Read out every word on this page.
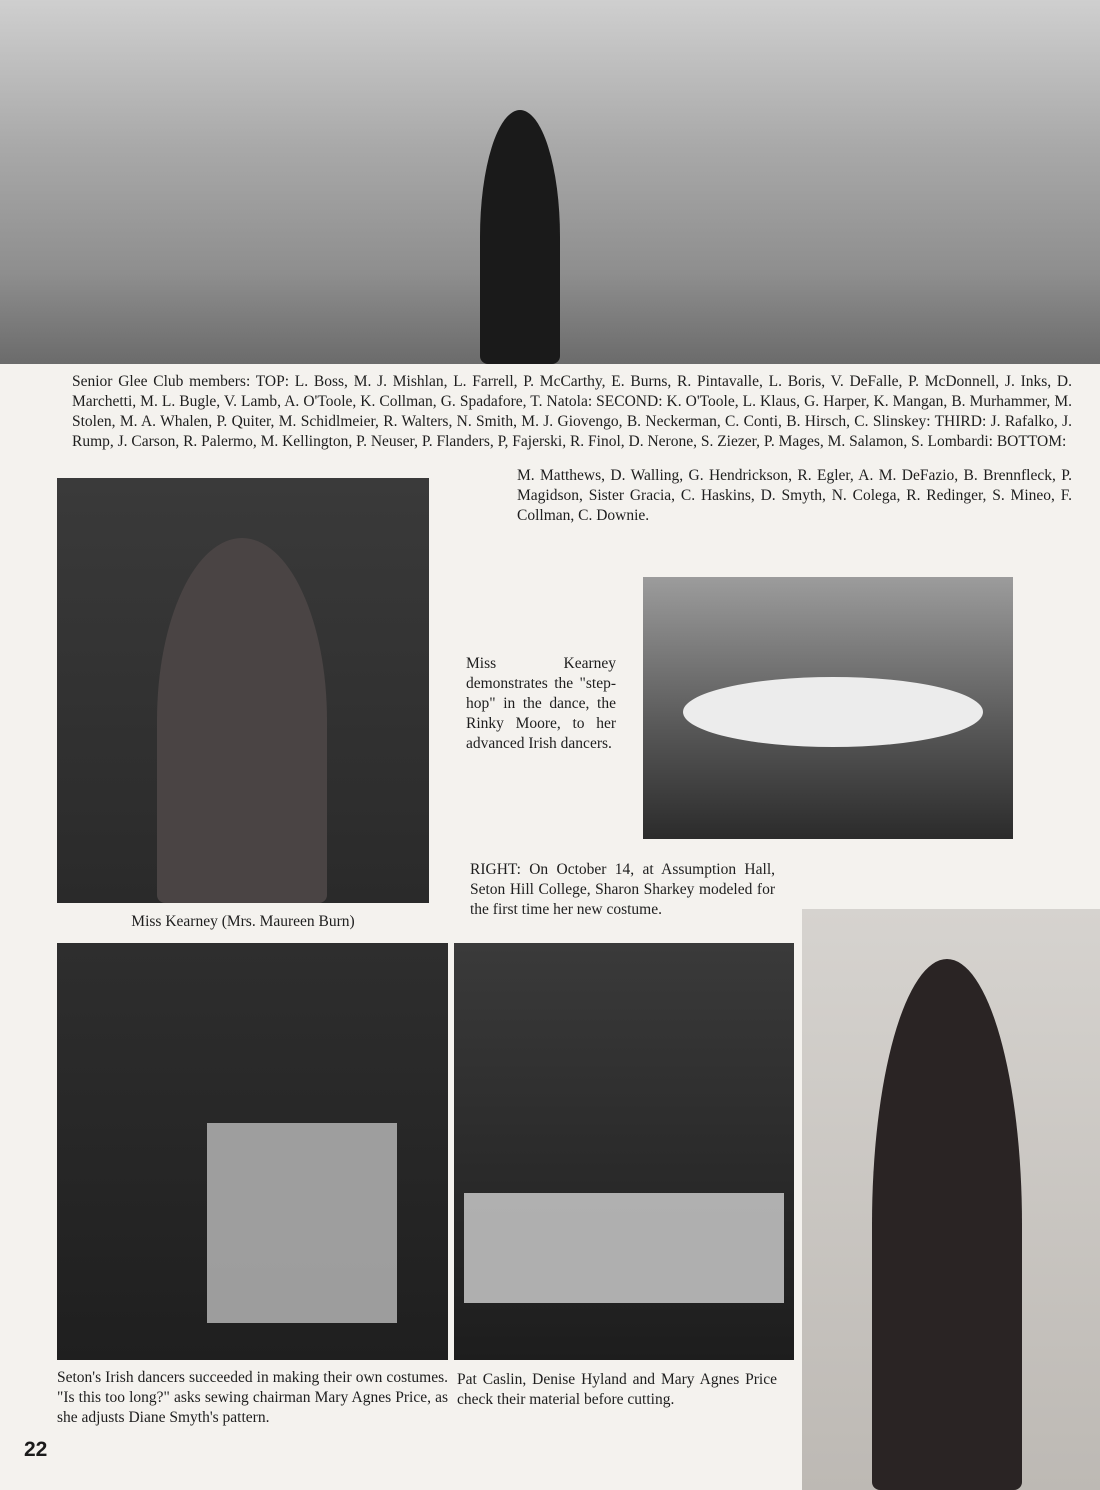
Senior Glee Club members: TOP: L. Boss, M. J. Mishlan, L. Farrell, P. McCarthy, E. Burns, R. Pintavalle, L. Boris, V. DeFalle, P. McDonnell, J. Inks, D. Marchetti, M. L. Bugle, V. Lamb, A. O'Toole, K. Collman, G. Spadafore, T. Natola: SECOND: K. O'Toole, L. Klaus, G. Harper, K. Mangan, B. Murhammer, M. Stolen, M. A. Whalen, P. Quiter, M. Schidlmeier, R. Walters, N. Smith, M. J. Giovengo, B. Neckerman, C. Conti, B. Hirsch, C. Slinskey: THIRD: J. Rafalko, J. Rump, J. Carson, R. Palermo, M. Kellington, P. Neuser, P. Flanders, P, Fajerski, R. Finol, D. Nerone, S. Ziezer, P. Mages, M. Salamon, S. Lombardi: BOTTOM:

M. Matthews, D. Walling, G. Hendrickson, R. Egler, A. M. DeFazio, B. Brennfleck, P. Magidson, Sister Gracia, C. Haskins, D. Smyth, N. Colega, R. Redinger, S. Mineo, F. Collman, C. Downie.

Miss Kearney demonstrates the "step-hop" in the dance, the Rinky Moore, to her advanced Irish dancers.

Miss Kearney (Mrs. Maureen Burn)

RIGHT: On October 14, at Assumption Hall, Seton Hill College, Sharon Sharkey modeled for the first time her new costume.

Seton's Irish dancers succeeded in making their own costumes. "Is this too long?" asks sewing chairman Mary Agnes Price, as she adjusts Diane Smyth's pattern.

Pat Caslin, Denise Hyland and Mary Agnes Price check their material before cutting.

22
